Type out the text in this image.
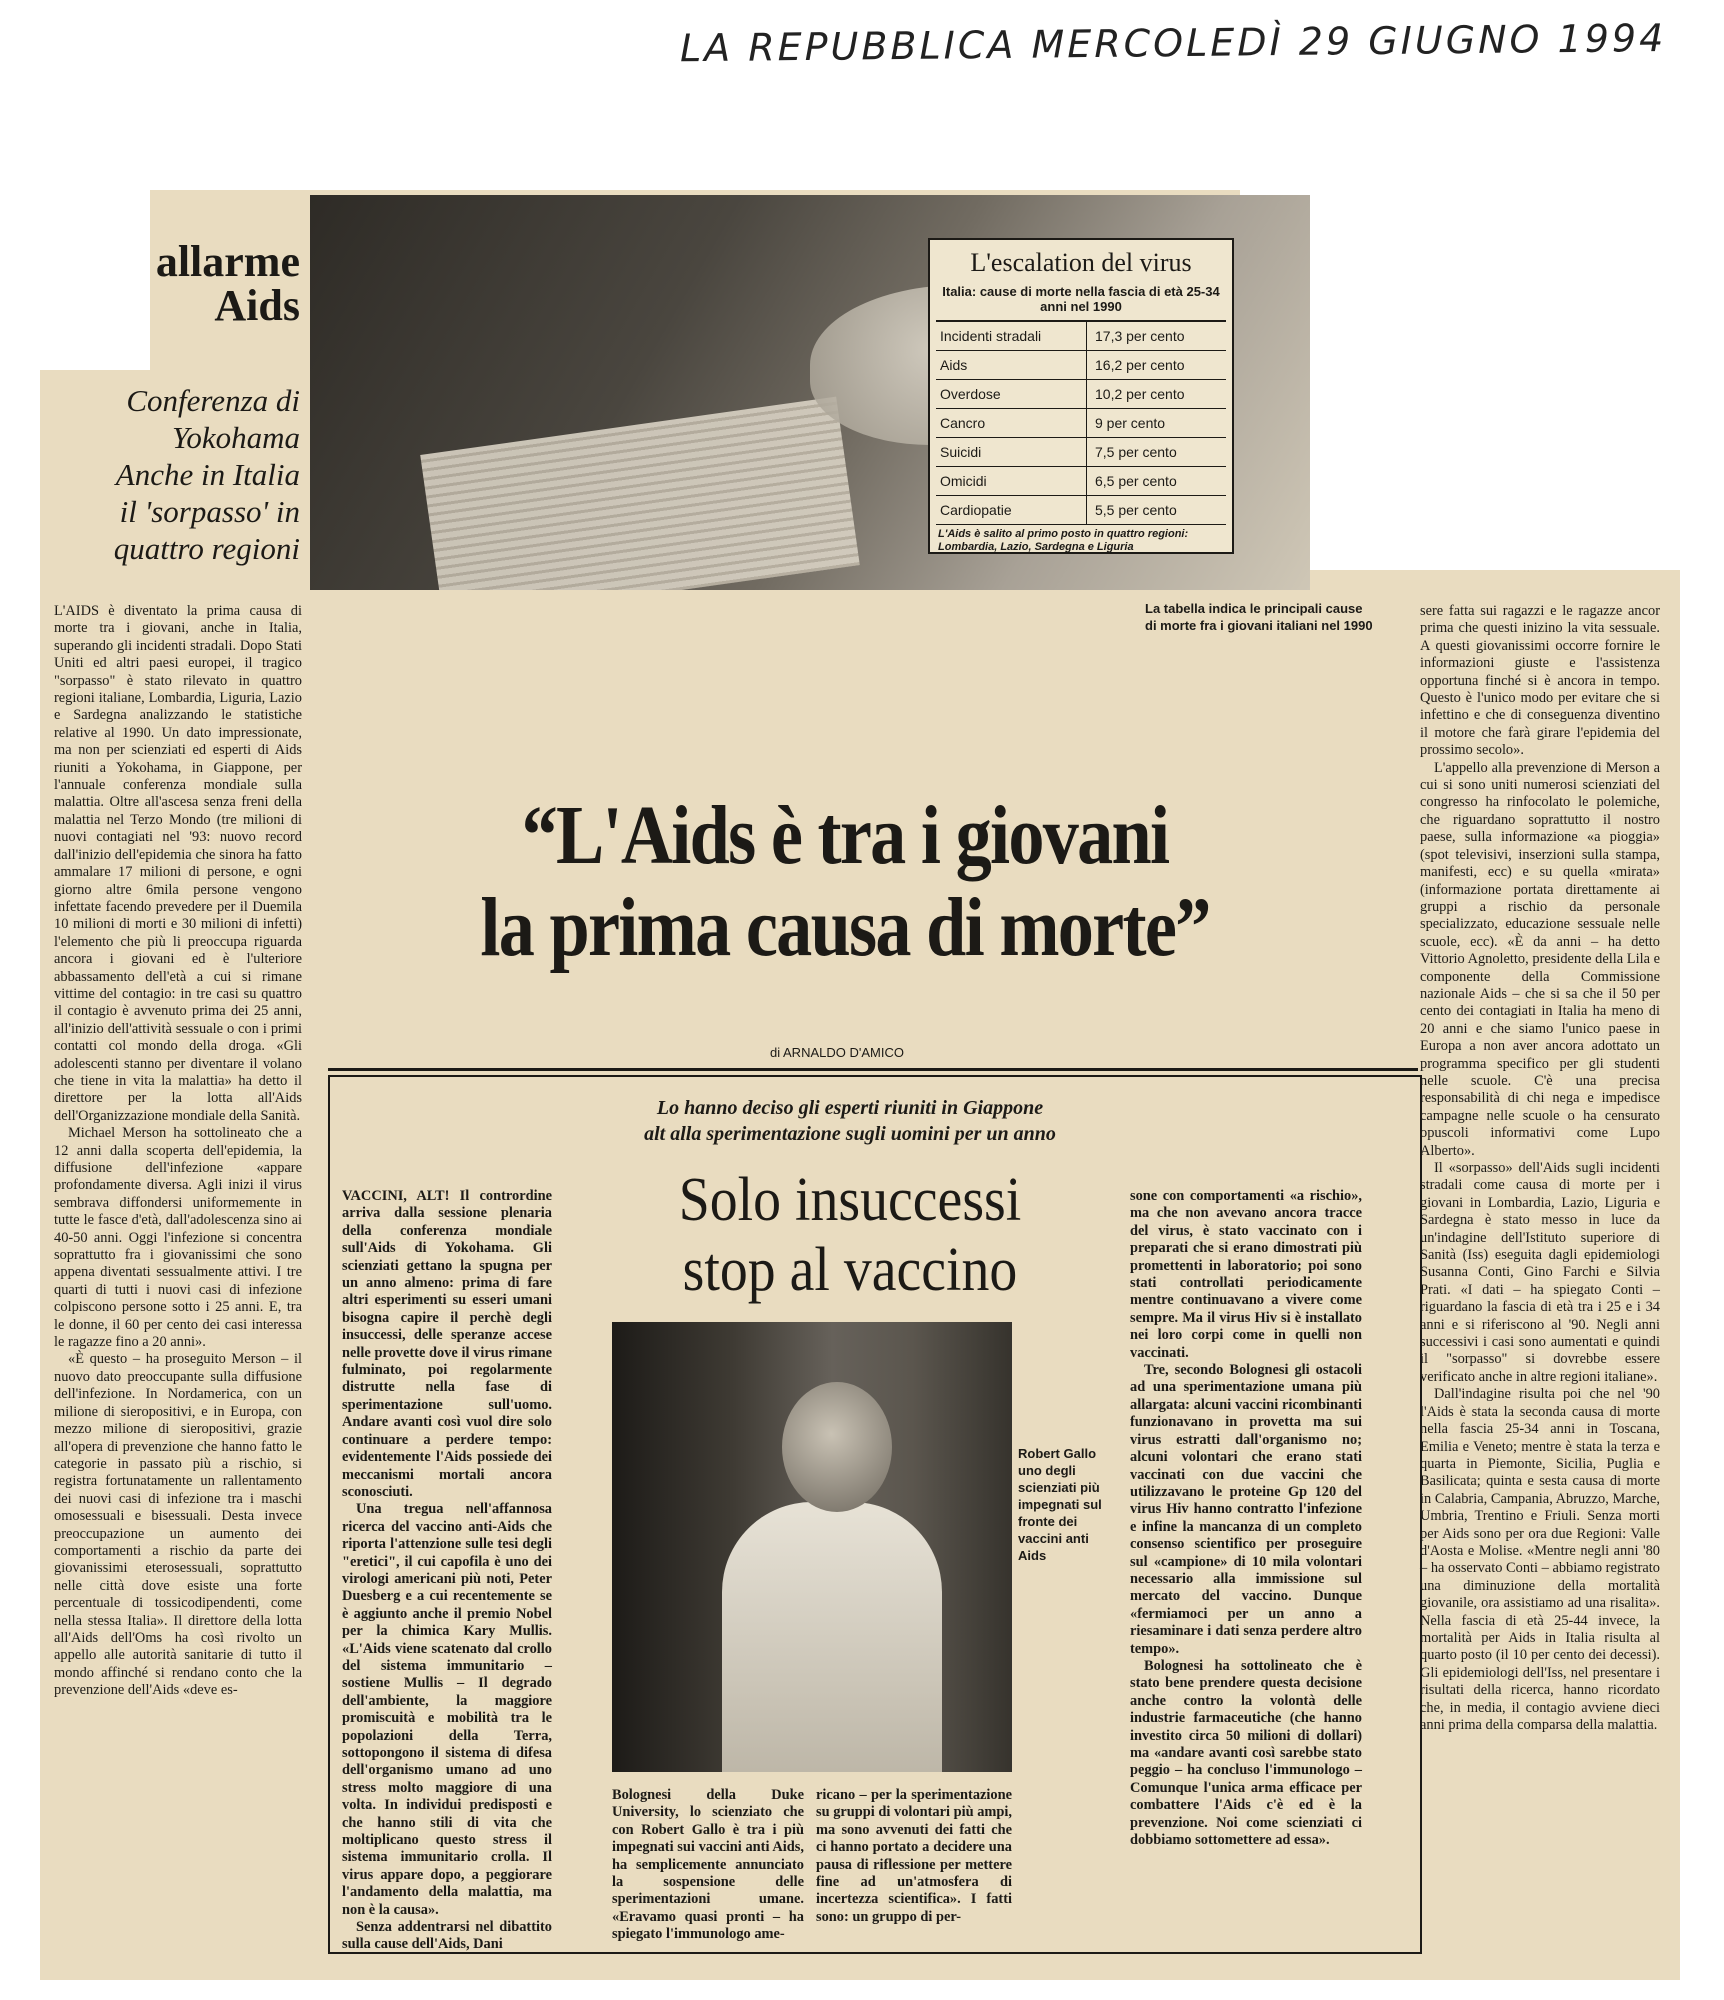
LA REPUBBLICA MERCOLEDÌ 29 GIUGNO 1994
allarme
Aids
Conferenza di
Yokohama
Anche in Italia
il 'sorpasso' in
quattro regioni
L'escalation del virus
Italia: cause di morte nella fascia di età 25-34 anni nel 1990
Incidenti stradali	17,3 per cento
Aids	16,2 per cento
Overdose	10,2 per cento
Cancro	9 per cento
Suicidi	7,5 per cento
Omicidi	6,5 per cento
Cardiopatie	5,5 per cento
L'Aids è salito al primo posto in quattro regioni: Lombardia, Lazio, Sardegna e Liguria
La tabella indica le principali cause di morte fra i giovani italiani nel 1990

L'AIDS è diventato la prima causa di morte tra i giovani, anche in Italia, superando gli incidenti stradali. Dopo Stati Uniti ed altri paesi europei, il tragico "sorpasso" è stato rilevato in quattro regioni italiane, Lombardia, Liguria, Lazio e Sardegna analizzando le statistiche relative al 1990. Un dato impressionate, ma non per scienziati ed esperti di Aids riuniti a Yokohama, in Giappone, per l'annuale conferenza mondiale sulla malattia. Oltre all'ascesa senza freni della malattia nel Terzo Mondo (tre milioni di nuovi contagiati nel '93: nuovo record dall'inizio dell'epidemia che sinora ha fatto ammalare 17 milioni di persone, e ogni giorno altre 6mila persone vengono infettate facendo prevedere per il Duemila 10 milioni di morti e 30 milioni di infetti) l'elemento che più li preoccupa riguarda ancora i giovani ed è l'ulteriore abbassamento dell'età a cui si rimane vittime del contagio: in tre casi su quattro il contagio è avvenuto prima dei 25 anni, all'inizio dell'attività sessuale o con i primi contatti col mondo della droga. «Gli adolescenti stanno per diventare il volano che tiene in vita la malattia» ha detto il direttore per la lotta all'Aids dell'Organizzazione mondiale della Sanità.

Michael Merson ha sottolineato che a 12 anni dalla scoperta dell'epidemia, la diffusione dell'infezione «appare profondamente diversa. Agli inizi il virus sembrava diffondersi uniformemente in tutte le fasce d'età, dall'adolescenza sino ai 40-50 anni. Oggi l'infezione si concentra soprattutto fra i giovanissimi che sono appena diventati sessualmente attivi. I tre quarti di tutti i nuovi casi di infezione colpiscono persone sotto i 25 anni. E, tra le donne, il 60 per cento dei casi interessa le ragazze fino a 20 anni».

«È questo – ha proseguito Merson – il nuovo dato preoccupante sulla diffusione dell'infezione. In Nordamerica, con un milione di sieropositivi, e in Europa, con mezzo milione di sieropositivi, grazie all'opera di prevenzione che hanno fatto le categorie in passato più a rischio, si registra fortunatamente un rallentamento dei nuovi casi di infezione tra i maschi omosessuali e bisessuali. Desta invece preoccupazione un aumento dei comportamenti a rischio da parte dei giovanissimi eterosessuali, soprattutto nelle città dove esiste una forte percentuale di tossicodipendenti, come nella stessa Italia». Il direttore della lotta all'Aids dell'Oms ha così rivolto un appello alle autorità sanitarie di tutto il mondo affinché si rendano conto che la prevenzione dell'Aids «deve es-

“L'Aids è tra i giovani
la prima causa di morte”
di ARNALDO D'AMICO

sere fatta sui ragazzi e le ragazze ancor prima che questi inizino la vita sessuale. A questi giovanissimi occorre fornire le informazioni giuste e l'assistenza opportuna finché si è ancora in tempo. Questo è l'unico modo per evitare che si infettino e che di conseguenza diventino il motore che farà girare l'epidemia del prossimo secolo».

L'appello alla prevenzione di Merson a cui si sono uniti numerosi scienziati del congresso ha rinfocolato le polemiche, che riguardano soprattutto il nostro paese, sulla informazione «a pioggia» (spot televisivi, inserzioni sulla stampa, manifesti, ecc) e su quella «mirata» (informazione portata direttamente ai gruppi a rischio da personale specializzato, educazione sessuale nelle scuole, ecc). «È da anni – ha detto Vittorio Agnoletto, presidente della Lila e componente della Commissione nazionale Aids – che si sa che il 50 per cento dei contagiati in Italia ha meno di 20 anni e che siamo l'unico paese in Europa a non aver ancora adottato un programma specifico per gli studenti nelle scuole. C'è una precisa responsabilità di chi nega e impedisce campagne nelle scuole o ha censurato opuscoli informativi come Lupo Alberto».

Il «sorpasso» dell'Aids sugli incidenti stradali come causa di morte per i giovani in Lombardia, Lazio, Liguria e Sardegna è stato messo in luce da un'indagine dell'Istituto superiore di Sanità (Iss) eseguita dagli epidemiologi Susanna Conti, Gino Farchi e Silvia Prati. «I dati – ha spiegato Conti – riguardano la fascia di età tra i 25 e i 34 anni e si riferiscono al '90. Negli anni successivi i casi sono aumentati e quindi il "sorpasso" si dovrebbe essere verificato anche in altre regioni italiane».

Dall'indagine risulta poi che nel '90 l'Aids è stata la seconda causa di morte nella fascia 25-34 anni in Toscana, Emilia e Veneto; mentre è stata la terza e quarta in Piemonte, Sicilia, Puglia e Basilicata; quinta e sesta causa di morte in Calabria, Campania, Abruzzo, Marche, Umbria, Trentino e Friuli. Senza morti per Aids sono per ora due Regioni: Valle d'Aosta e Molise. «Mentre negli anni '80 – ha osservato Conti – abbiamo registrato una diminuzione della mortalità giovanile, ora assistiamo ad una risalita». Nella fascia di età 25-44 invece, la mortalità per Aids in Italia risulta al quarto posto (il 10 per cento dei decessi). Gli epidemiologi dell'Iss, nel presentare i risultati della ricerca, hanno ricordato che, in media, il contagio avviene dieci anni prima della comparsa della malattia.

Lo hanno deciso gli esperti riuniti in Giappone
alt alla sperimentazione sugli uomini per un anno
Solo insuccessi
stop al vaccino

VACCINI, ALT! Il contrordine arriva dalla sessione plenaria della conferenza mondiale sull'Aids di Yokohama. Gli scienziati gettano la spugna per un anno almeno: prima di fare altri esperimenti su esseri umani bisogna capire il perchè degli insuccessi, delle speranze accese nelle provette dove il virus rimane fulminato, poi regolarmente distrutte nella fase di sperimentazione sull'uomo. Andare avanti così vuol dire solo continuare a perdere tempo: evidentemente l'Aids possiede dei meccanismi mortali ancora sconosciuti.

Una tregua nell'affannosa ricerca del vaccino anti-Aids che riporta l'attenzione sulle tesi degli "eretici", il cui capofila è uno dei virologi americani più noti, Peter Duesberg e a cui recentemente se è aggiunto anche il premio Nobel per la chimica Kary Mullis. «L'Aids viene scatenato dal crollo del sistema immunitario – sostiene Mullis – Il degrado dell'ambiente, la maggiore promiscuità e mobilità tra le popolazioni della Terra, sottopongono il sistema di difesa dell'organismo umano ad uno stress molto maggiore di una volta. In individui predisposti e che hanno stili di vita che moltiplicano questo stress il sistema immunitario crolla. Il virus appare dopo, a peggiorare l'andamento della malattia, ma non è la causa».

Senza addentrarsi nel dibattito sulla cause dell'Aids, Dani

Robert Gallo uno degli scienziati più impegnati sul fronte dei vaccini anti Aids

Bolognesi della Duke University, lo scienziato che con Robert Gallo è tra i più impegnati sui vaccini anti Aids, ha semplicemente annunciato la sospensione delle sperimentazioni umane. «Eravamo quasi pronti – ha spiegato l'immunologo ame-

ricano – per la sperimentazione su gruppi di volontari più ampi, ma sono avvenuti dei fatti che ci hanno portato a decidere una pausa di riflessione per mettere fine ad un'atmosfera di incertezza scientifica». I fatti sono: un gruppo di per-

sone con comportamenti «a rischio», ma che non avevano ancora tracce del virus, è stato vaccinato con i preparati che si erano dimostrati più promettenti in laboratorio; poi sono stati controllati periodicamente mentre continuavano a vivere come sempre. Ma il virus Hiv si è installato nei loro corpi come in quelli non vaccinati.

Tre, secondo Bolognesi gli ostacoli ad una sperimentazione umana più allargata: alcuni vaccini ricombinanti funzionavano in provetta ma sui virus estratti dall'organismo no; alcuni volontari che erano stati vaccinati con due vaccini che utilizzavano le proteine Gp 120 del virus Hiv hanno contratto l'infezione e infine la mancanza di un completo consenso scientifico per proseguire sul «campione» di 10 mila volontari necessario alla immissione sul mercato del vaccino. Dunque «fermiamoci per un anno a riesaminare i dati senza perdere altro tempo».

Bolognesi ha sottolineato che è stato bene prendere questa decisione anche contro la volontà delle industrie farmaceutiche (che hanno investito circa 50 milioni di dollari) ma «andare avanti così sarebbe stato peggio – ha concluso l'immunologo – Comunque l'unica arma efficace per combattere l'Aids c'è ed è la prevenzione. Noi come scienziati ci dobbiamo sottomettere ad essa».
